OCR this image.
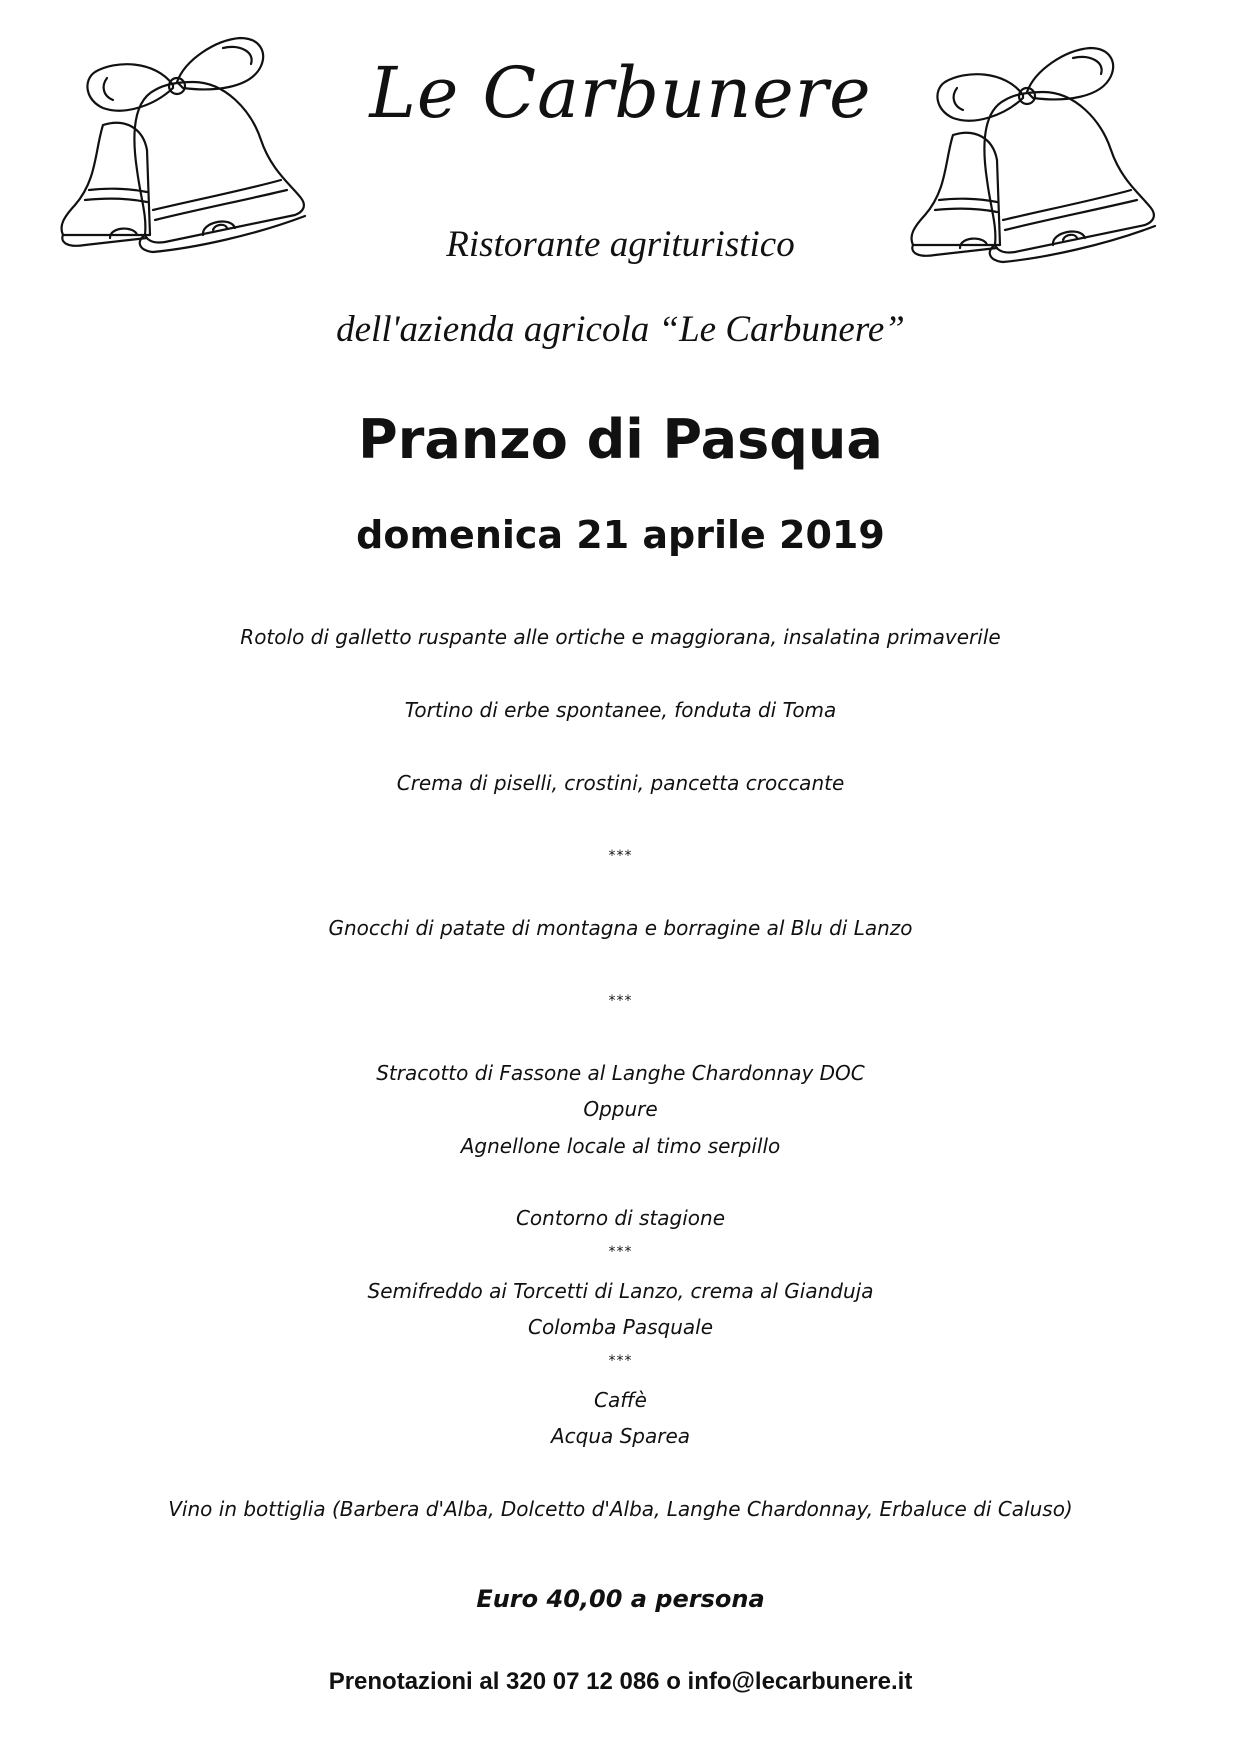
Le Carbunere
Ristorante agrituristico
dell'azienda agricola “Le Carbunere”
Pranzo di Pasqua
domenica 21 aprile 2019
Rotolo di galletto ruspante alle ortiche e maggiorana, insalatina primaverile
Tortino di erbe spontanee, fonduta di Toma
Crema di piselli, crostini, pancetta croccante
***
Gnocchi di patate di montagna e borragine al Blu di Lanzo
***
Stracotto di Fassone al Langhe Chardonnay DOC
Oppure
Agnellone locale al timo serpillo
Contorno di stagione
***
Semifreddo ai Torcetti di Lanzo, crema al Gianduja
Colomba Pasquale
***
Caffè
Acqua Sparea
Vino in bottiglia (Barbera d'Alba, Dolcetto d'Alba, Langhe Chardonnay, Erbaluce di Caluso)
Euro 40,00 a persona
Prenotazioni al 320 07 12 086 o info@lecarbunere.it
